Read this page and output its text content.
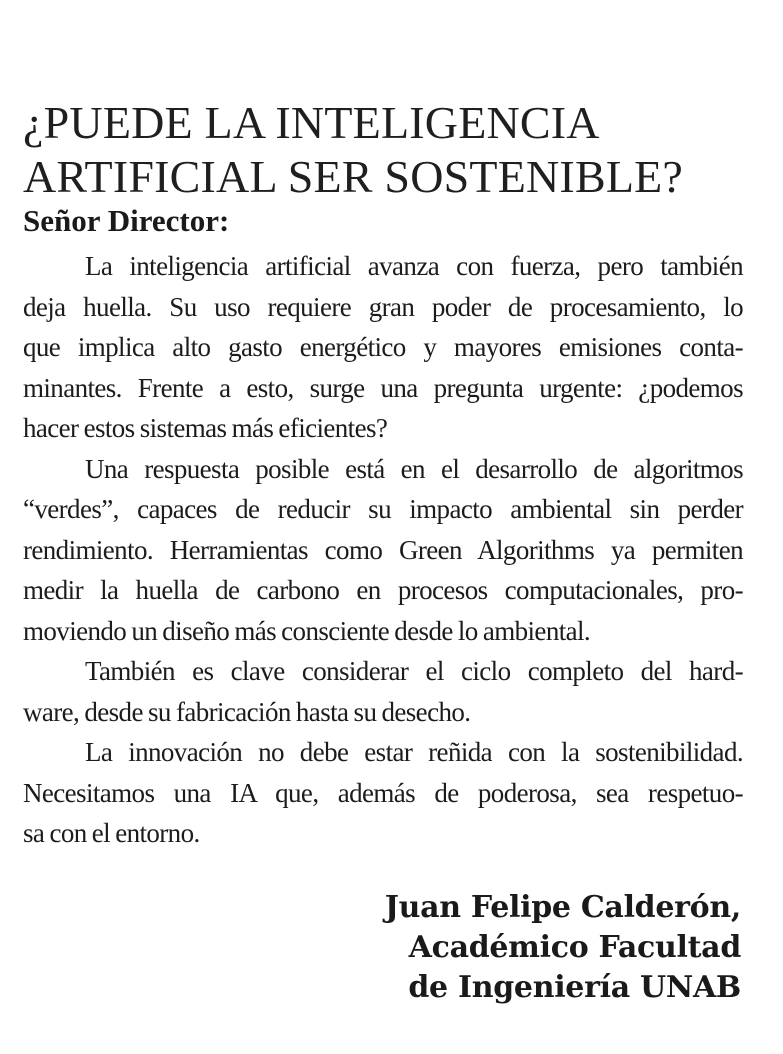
¿PUEDE LA INTELIGENCIA
ARTIFICIAL SER SOSTENIBLE?
Señor Director:

La inteligencia artificial avanza con fuerza, pero también
deja huella. Su uso requiere gran poder de procesamiento, lo
que implica alto gasto energético y mayores emisiones conta-
minantes. Frente a esto, surge una pregunta urgente: ¿podemos
hacer estos sistemas más eficientes?

Una respuesta posible está en el desarrollo de algoritmos
“verdes”, capaces de reducir su impacto ambiental sin perder
rendimiento. Herramientas como Green Algorithms ya permiten
medir la huella de carbono en procesos computacionales, pro-
moviendo un diseño más consciente desde lo ambiental.

También es clave considerar el ciclo completo del hard-
ware, desde su fabricación hasta su desecho.

La innovación no debe estar reñida con la sostenibilidad.
Necesitamos una IA que, además de poderosa, sea respetuo-
sa con el entorno.

Juan Felipe Calderón,
Académico Facultad
de Ingeniería UNAB
